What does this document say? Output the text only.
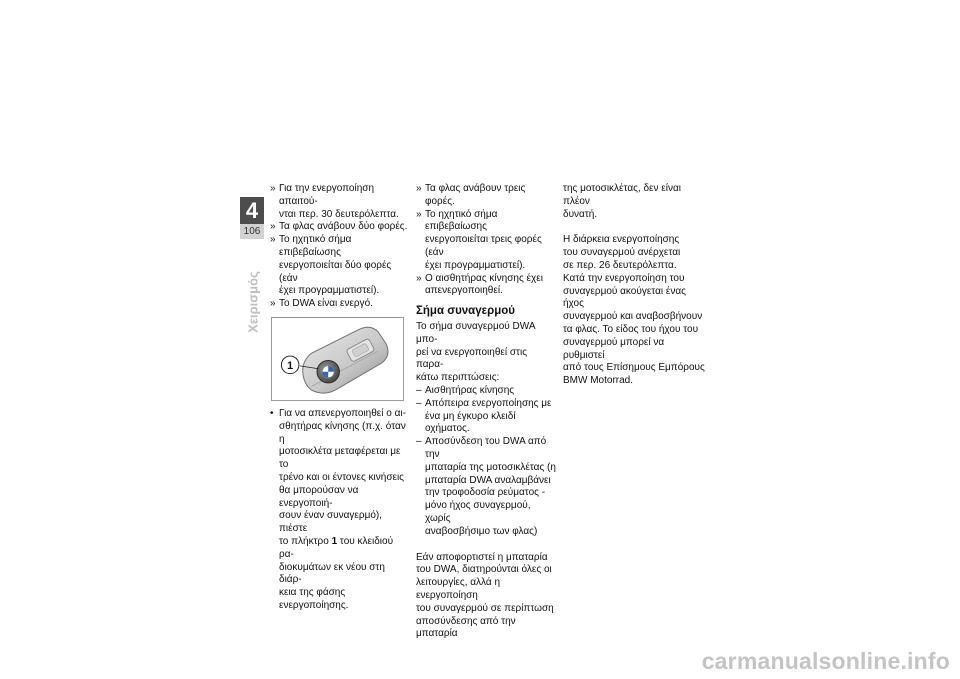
4
106
Χειρισμός
» Για την ενεργοποίηση απαιτού-
νται περ. 30 δευτερόλεπτα.
» Τα φλας ανάβουν δύο φορές.
» Το ηχητικό σήμα επιβεβαίωσης
ενεργοποιείται δύο φορές (εάν
έχει προγραμματιστεί).
» Το DWA είναι ενεργό.
1
• Για να απενεργοποιηθεί ο αι-
σθητήρας κίνησης (π.χ. όταν η
μοτοσικλέτα μεταφέρεται με το
τρένο και οι έντονες κινήσεις
θα μπορούσαν να ενεργοποιή-
σουν έναν συναγερμό), πιέστε
το πλήκτρο 1 του κλειδιού ρα-
διοκυμάτων εκ νέου στη διάρ-
κεια της φάσης ενεργοποίησης.
» Τα φλας ανάβουν τρεις φορές.
» Το ηχητικό σήμα επιβεβαίωσης
ενεργοποιείται τρεις φορές (εάν
έχει προγραμματιστεί).
» Ο αισθητήρας κίνησης έχει
απενεργοποιηθεί.
Σήμα συναγερμού
Το σήμα συναγερμού DWA μπο-
ρεί να ενεργοποιηθεί στις παρα-
κάτω περιπτώσεις:
– Αισθητήρας κίνησης
– Απόπειρα ενεργοποίησης με
ένα μη έγκυρο κλειδί οχήματος.
– Αποσύνδεση του DWA από την
μπαταρία της μοτοσικλέτας (η
μπαταρία DWA αναλαμβάνει
την τροφοδοσία ρεύματος -
μόνο ήχος συναγερμού, χωρίς
αναβοσβήσιμο των φλας)
Εάν αποφορτιστεί η μπαταρία
του DWA, διατηρούνται όλες οι
λειτουργίες, αλλά η ενεργοποίηση
του συναγερμού σε περίπτωση
αποσύνδεσης από την μπαταρία
της μοτοσικλέτας, δεν είναι πλέον
δυνατή.
Η διάρκεια ενεργοποίησης
του συναγερμού ανέρχεται
σε περ. 26 δευτερόλεπτα.
Κατά την ενεργοποίηση του
συναγερμού ακούγεται ένας ήχος
συναγερμού και αναβοσβήνουν
τα φλας. Το είδος του ήχου του
συναγερμού μπορεί να ρυθμιστεί
από τους Επίσημους Εμπόρους
BMW Motorrad.
carmanualsonline.info
